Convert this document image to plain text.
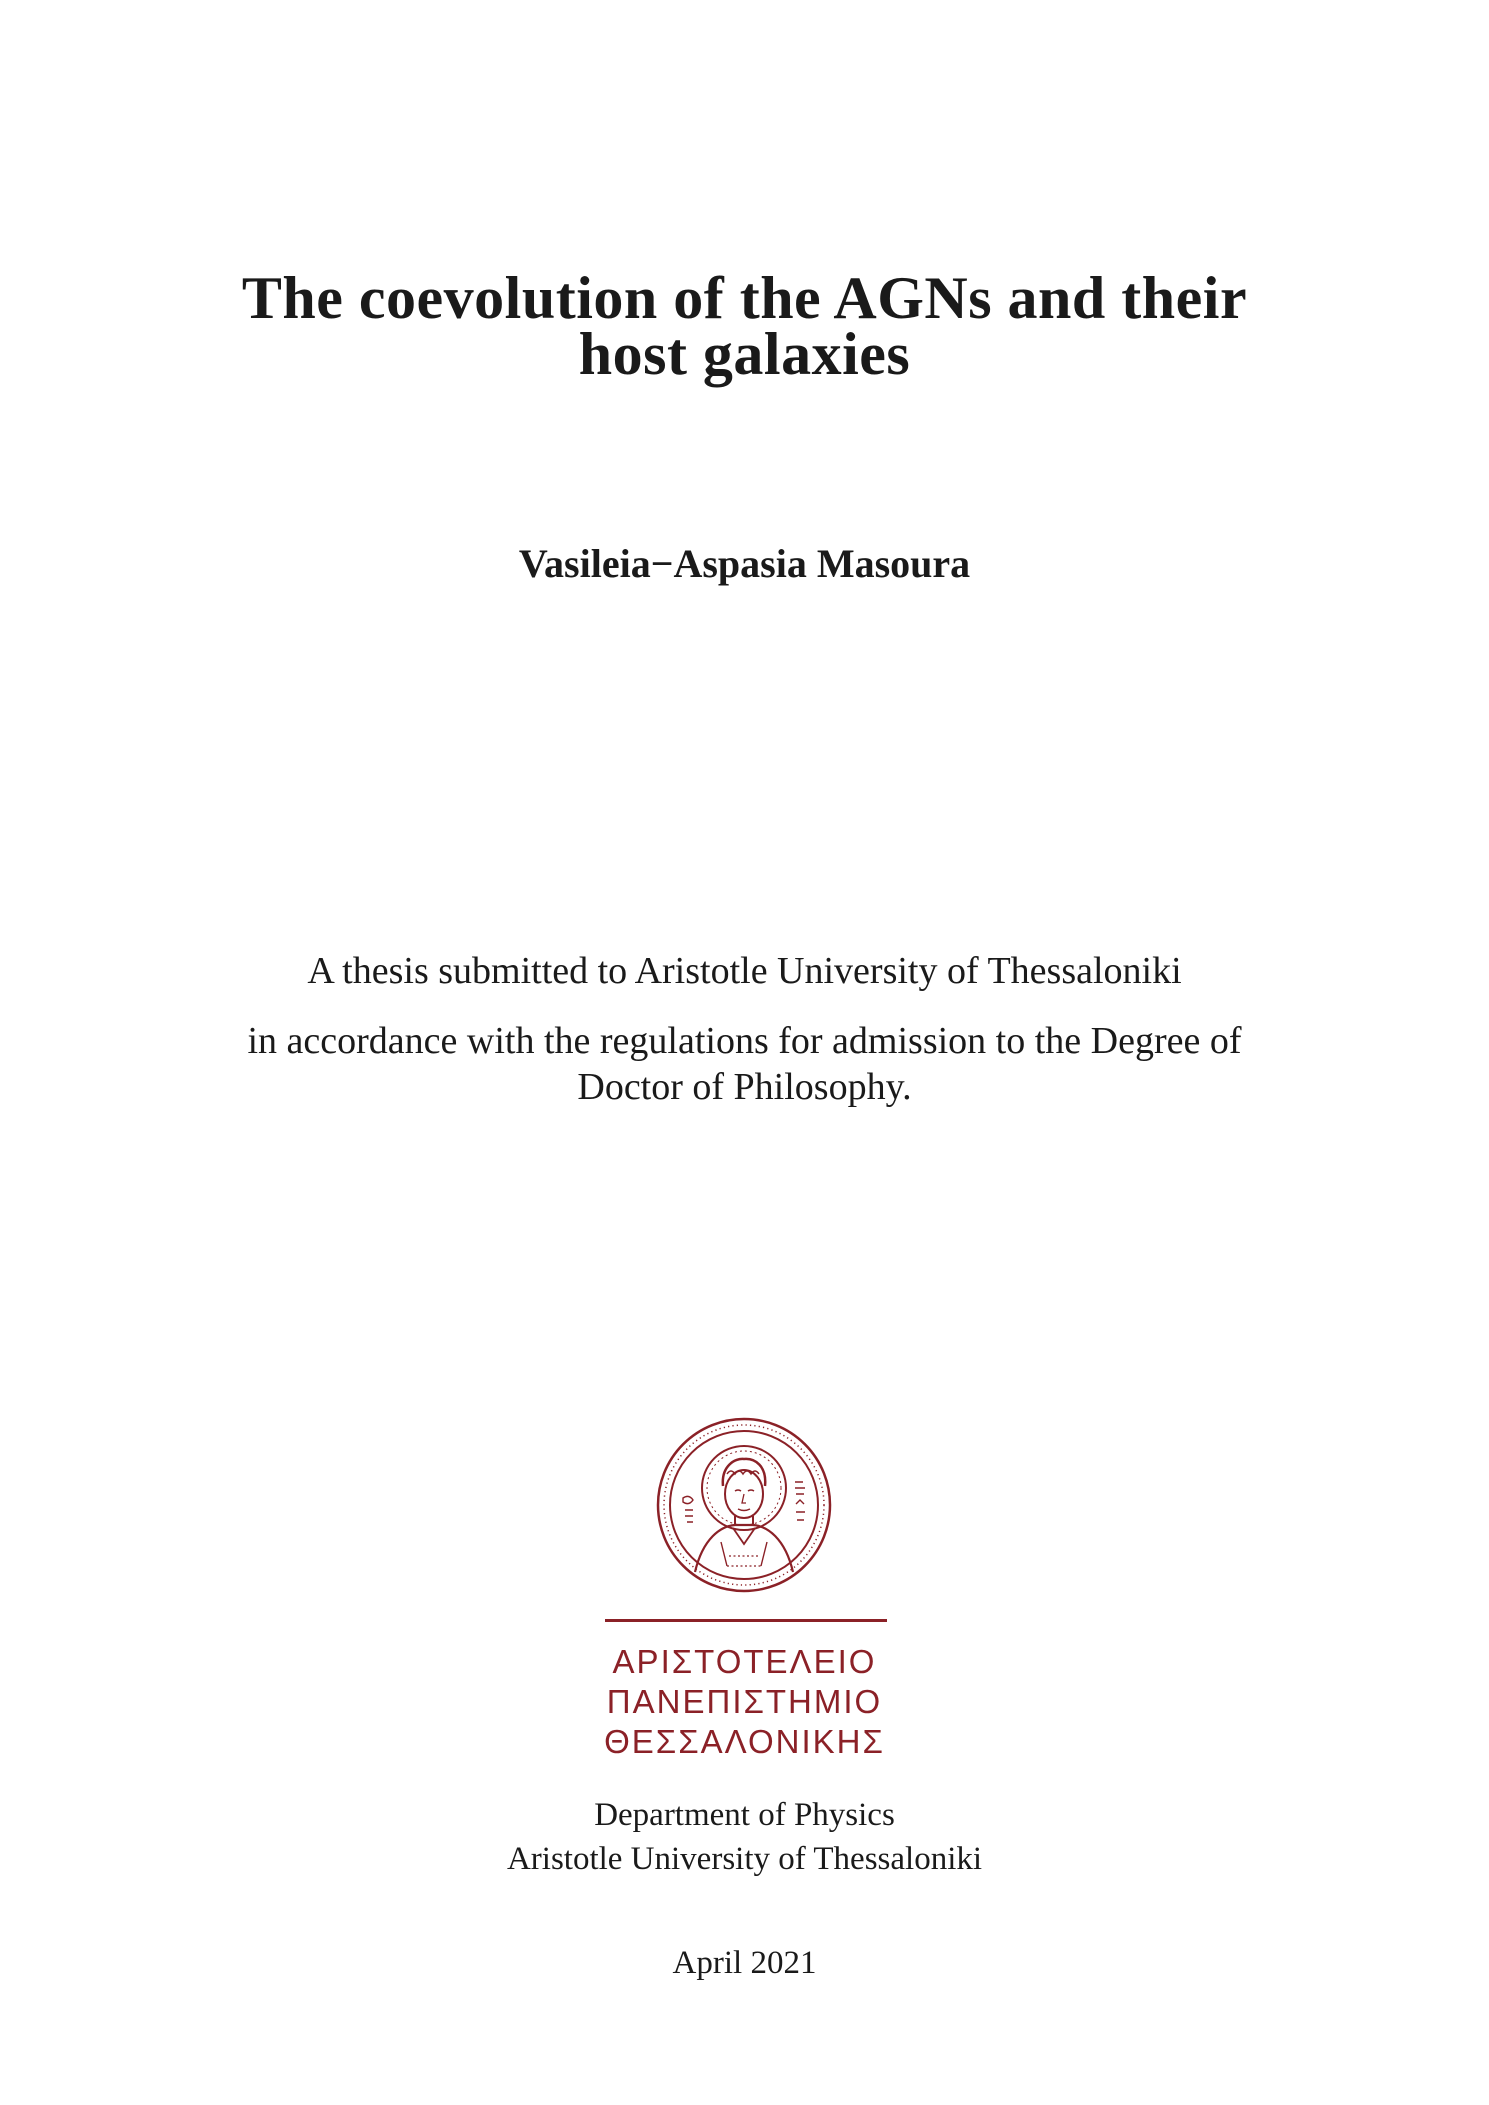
The coevolution of the AGNs and their
host galaxies
Vasileia−Aspasia Masoura
A thesis submitted to Aristotle University of Thessaloniki
in accordance with the regulations for admission to the Degree of
Doctor of Philosophy.
ΑΡΙΣΤΟΤΕΛΕΙΟ
ΠΑΝΕΠΙΣΤΗΜΙΟ
ΘΕΣΣΑΛΟΝΙΚΗΣ
Department of Physics
Aristotle University of Thessaloniki
April 2021
